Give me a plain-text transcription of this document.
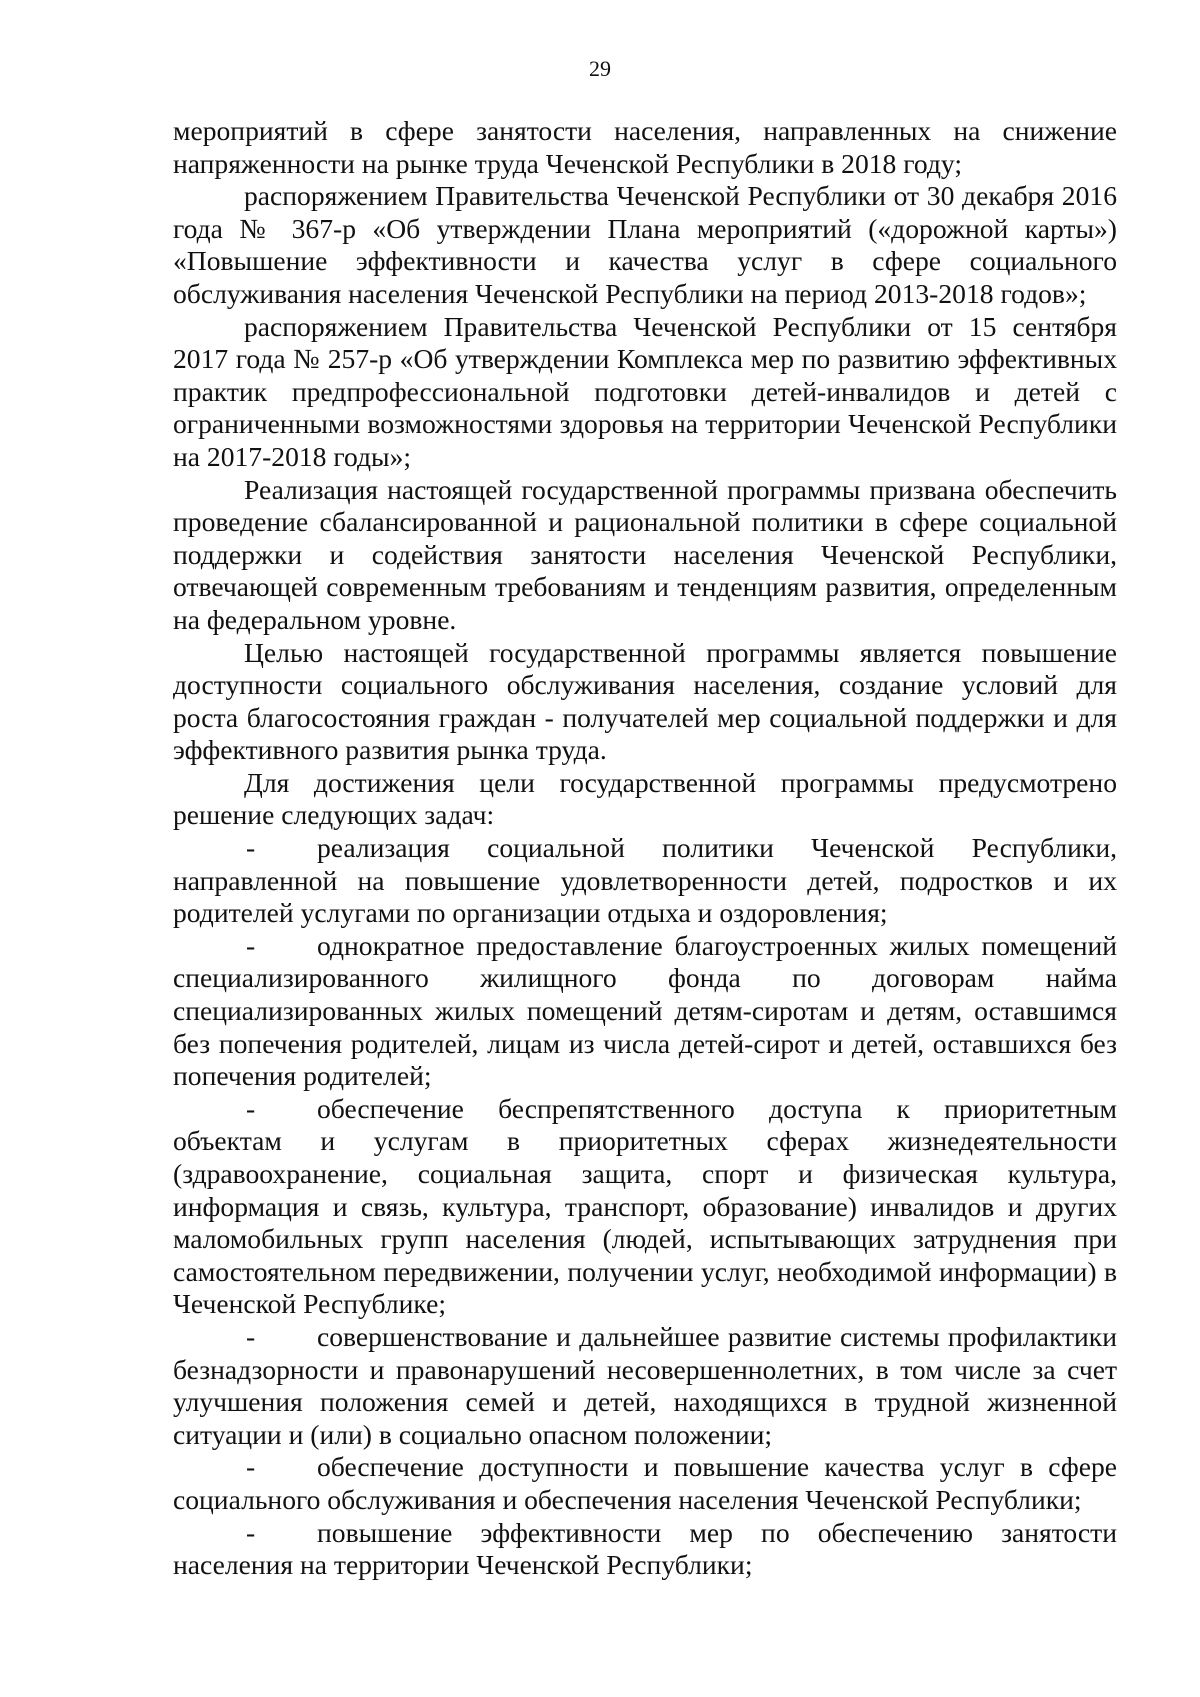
29

мероприятий в сфере занятости населения, направленных на снижение напряженности на рынке труда Чеченской Республики в 2018 году;

распоряжением Правительства Чеченской Республики от 30 декабря 2016 года № 367-р «Об утверждении Плана мероприятий («дорожной карты») «Повышение эффективности и качества услуг в сфере социального обслуживания населения Чеченской Республики на период 2013-2018 годов»;

распоряжением Правительства Чеченской Республики от 15 сентября 2017 года № 257-р «Об утверждении Комплекса мер по развитию эффективных практик предпрофессиональной подготовки детей-инвалидов и детей с ограниченными возможностями здоровья на территории Чеченской Республики на 2017-2018 годы»;

Реализация настоящей государственной программы призвана обеспечить проведение сбалансированной и рациональной политики в сфере социальной поддержки и содействия занятости населения Чеченской Республики, отвечающей современным требованиям и тенденциям развития, определенным на федеральном уровне.

Целью настоящей государственной программы является повышение доступности социального обслуживания населения, создание условий для роста благосостояния граждан - получателей мер социальной поддержки и для эффективного развития рынка труда.

Для достижения цели государственной программы предусмотрено решение следующих задач:

- реализация социальной политики Чеченской Республики, направленной на повышение удовлетворенности детей, подростков и их родителей услугами по организации отдыха и оздоровления;

- однократное предоставление благоустроенных жилых помещений специализированного жилищного фонда по договорам найма специализированных жилых помещений детям-сиротам и детям, оставшимся без попечения родителей, лицам из числа детей-сирот и детей, оставшихся без попечения родителей;

- обеспечение беспрепятственного доступа к приоритетным объектам и услугам в приоритетных сферах жизнедеятельности (здравоохранение, социальная защита, спорт и физическая культура, информация и связь, культура, транспорт, образование) инвалидов и других маломобильных групп населения (людей, испытывающих затруднения при самостоятельном передвижении, получении услуг, необходимой информации) в Чеченской Республике;

- совершенствование и дальнейшее развитие системы профилактики безнадзорности и правонарушений несовершеннолетних, в том числе за счет улучшения положения семей и детей, находящихся в трудной жизненной ситуации и (или) в социально опасном положении;

- обеспечение доступности и повышение качества услуг в сфере социального обслуживания и обеспечения населения Чеченской Республики;

- повышение эффективности мер по обеспечению занятости населения на территории Чеченской Республики;
